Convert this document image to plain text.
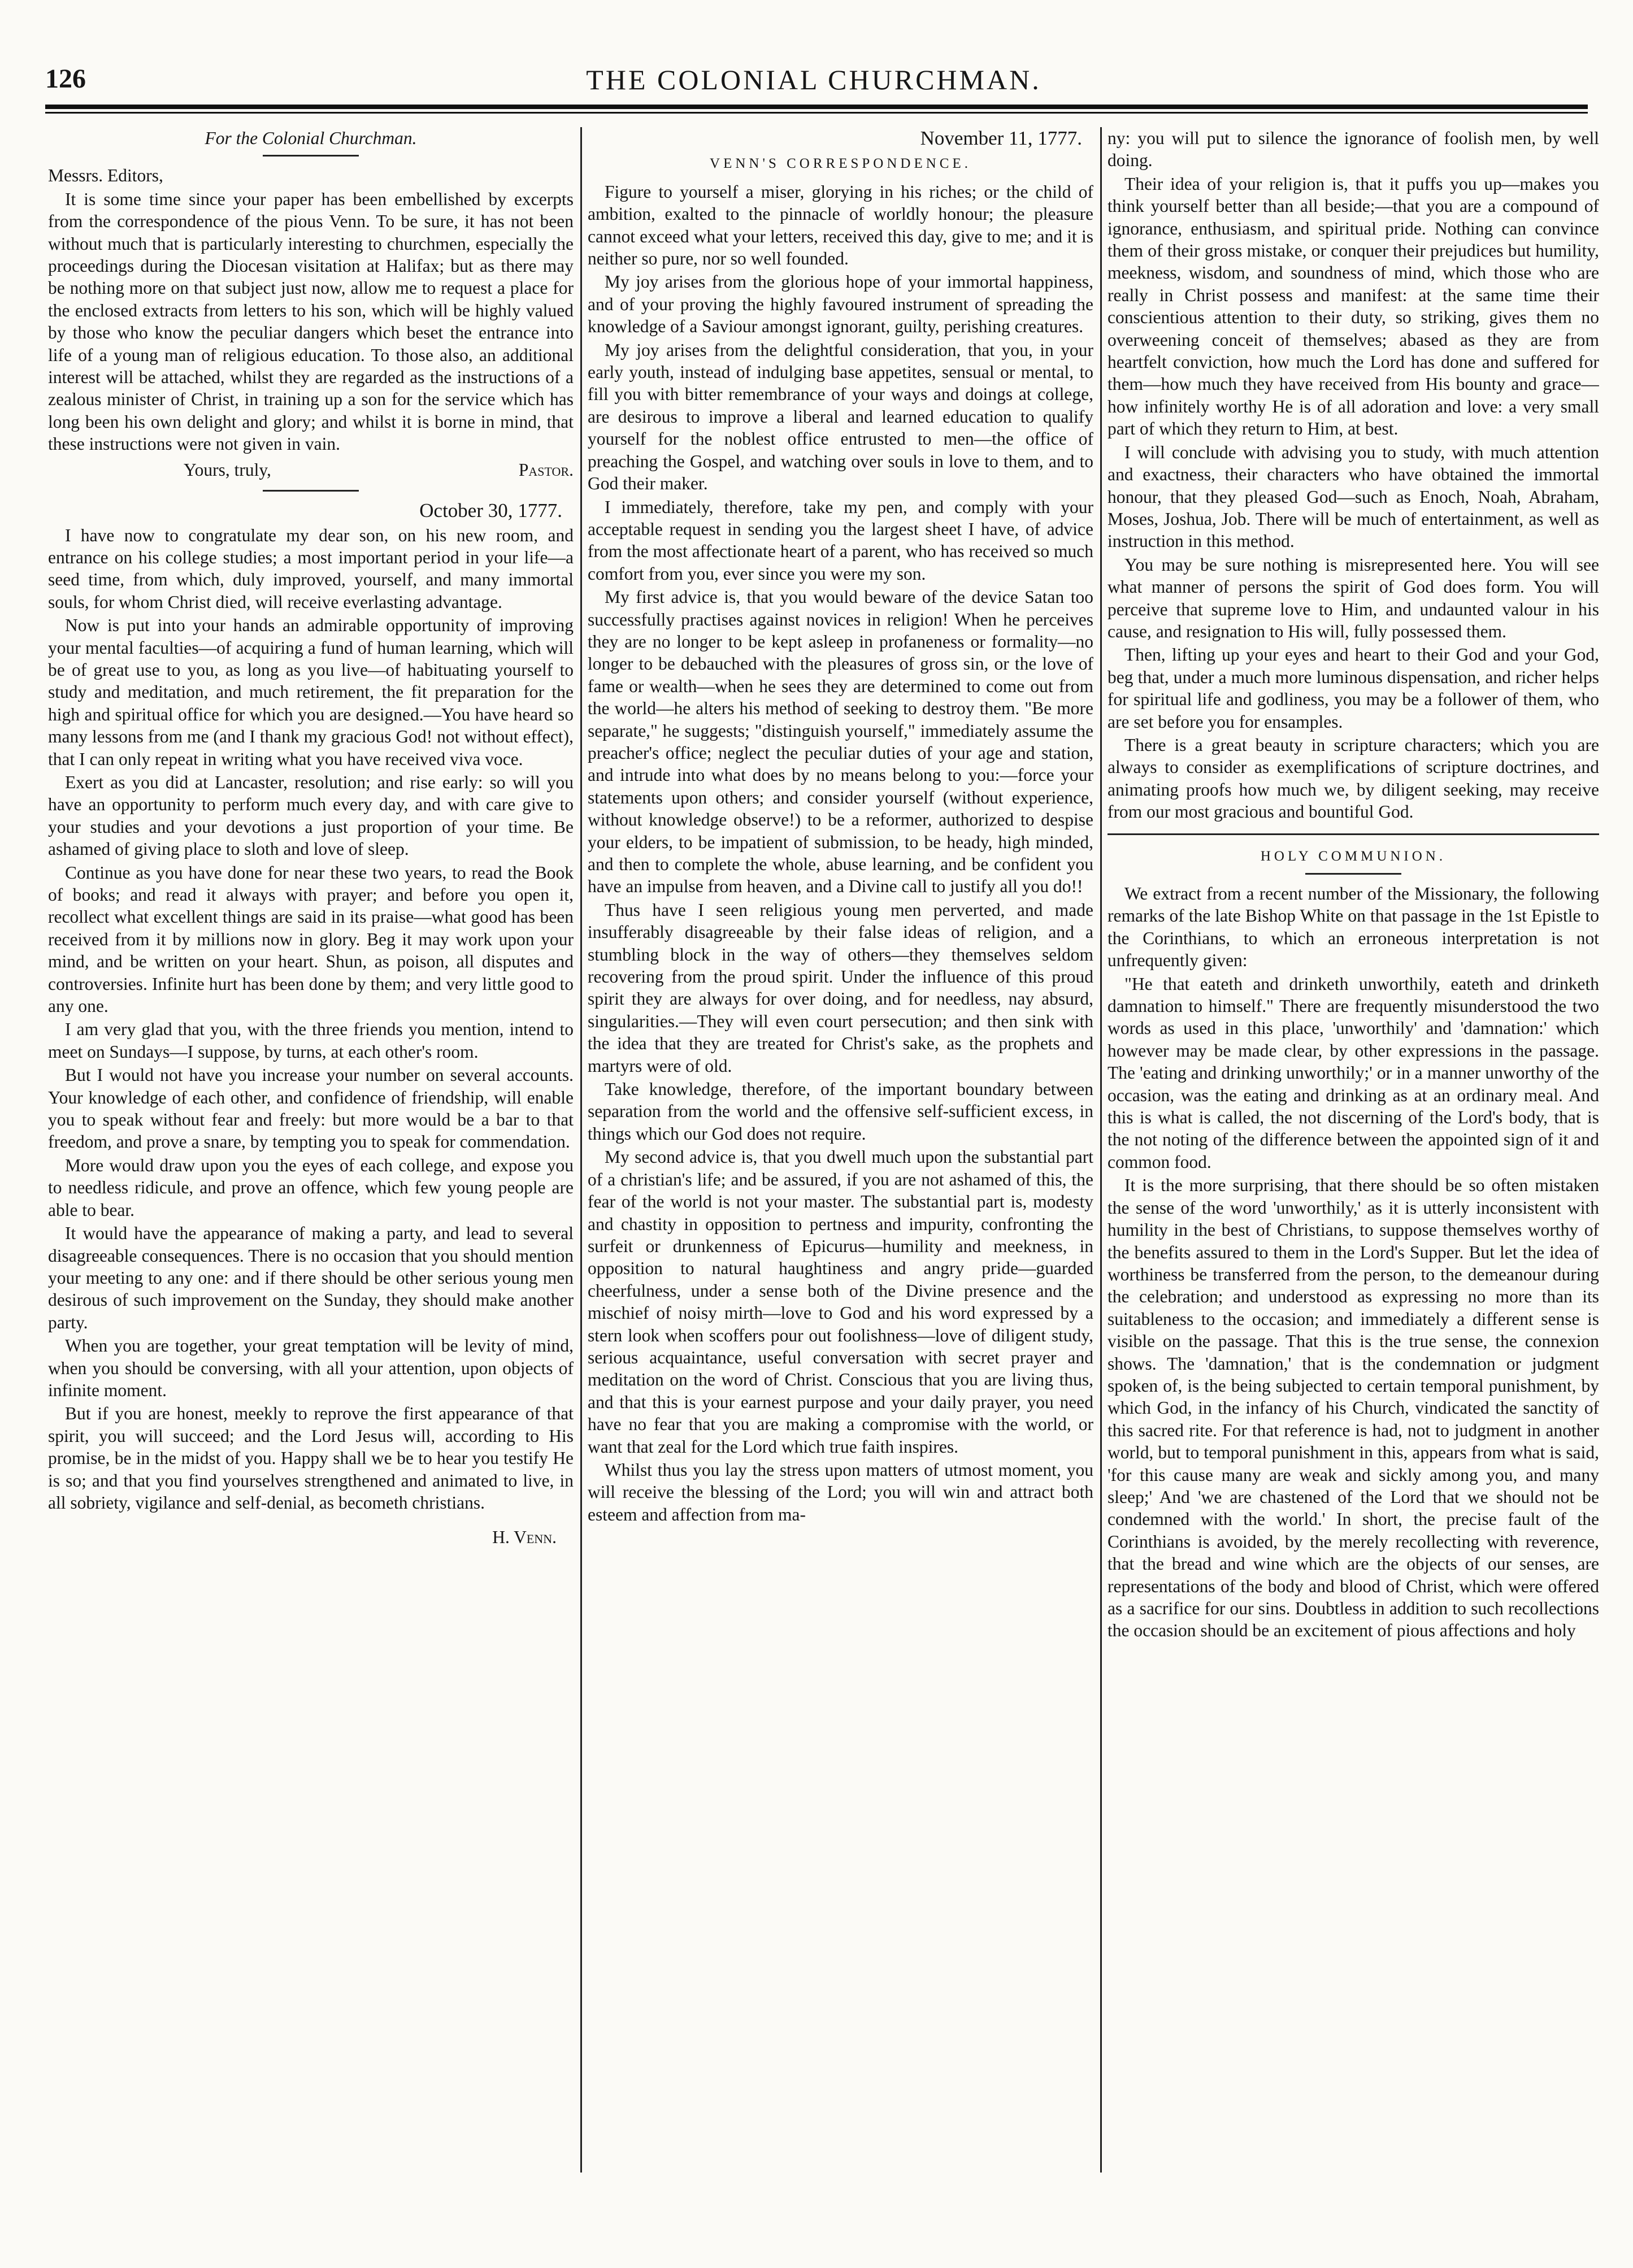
126	THE COLONIAL CHURCHMAN.
For the Colonial Churchman.

Messrs. Editors,

It is some time since your paper has been embellished by excerpts from the correspondence of the pious Venn. To be sure, it has not been without much that is particularly interesting to churchmen, especially the proceedings during the Diocesan visitation at Halifax; but as there may be nothing more on that subject just now, allow me to request a place for the enclosed extracts from letters to his son, which will be highly valued by those who know the peculiar dangers which beset the entrance into life of a young man of religious education. To those also, an additional interest will be attached, whilst they are regarded as the instructions of a zealous minister of Christ, in training up a son for the service which has long been his own delight and glory; and whilst it is borne in mind, that these instructions were not given in vain.

Yours, truly,	Pastor.
October 30, 1777.

I have now to congratulate my dear son, on his new room, and entrance on his college studies; a most important period in your life—a seed time, from which, duly improved, yourself, and many immortal souls, for whom Christ died, will receive everlasting advantage.

Now is put into your hands an admirable opportunity of improving your mental faculties—of acquiring a fund of human learning, which will be of great use to you, as long as you live—of habituating yourself to study and meditation, and much retirement, the fit preparation for the high and spiritual office for which you are designed.—You have heard so many lessons from me (and I thank my gracious God! not without effect), that I can only repeat in writing what you have received viva voce.

Exert as you did at Lancaster, resolution; and rise early: so will you have an opportunity to perform much every day, and with care give to your studies and your devotions a just proportion of your time. Be ashamed of giving place to sloth and love of sleep.

Continue as you have done for near these two years, to read the Book of books; and read it always with prayer; and before you open it, recollect what excellent things are said in its praise—what good has been received from it by millions now in glory. Beg it may work upon your mind, and be written on your heart. Shun, as poison, all disputes and controversies. Infinite hurt has been done by them; and very little good to any one.

I am very glad that you, with the three friends you mention, intend to meet on Sundays—I suppose, by turns, at each other's room.

But I would not have you increase your number on several accounts. Your knowledge of each other, and confidence of friendship, will enable you to speak without fear and freely: but more would be a bar to that freedom, and prove a snare, by tempting you to speak for commendation.

More would draw upon you the eyes of each college, and expose you to needless ridicule, and prove an offence, which few young people are able to bear.

It would have the appearance of making a party, and lead to several disagreeable consequences. There is no occasion that you should mention your meeting to any one: and if there should be other serious young men desirous of such improvement on the Sunday, they should make another party.

When you are together, your great temptation will be levity of mind, when you should be conversing, with all your attention, upon objects of infinite moment.

But if you are honest, meekly to reprove the first appearance of that spirit, you will succeed; and the Lord Jesus will, according to His promise, be in the midst of you. Happy shall we be to hear you testify He is so; and that you find yourselves strengthened and animated to live, in all sobriety, vigilance and self-denial, as becometh christians.

H. Venn.
November 11, 1777.
VENN'S CORRESPONDENCE.

Figure to yourself a miser, glorying in his riches; or the child of ambition, exalted to the pinnacle of worldly honour; the pleasure cannot exceed what your letters, received this day, give to me; and it is neither so pure, nor so well founded.

My joy arises from the glorious hope of your immortal happiness, and of your proving the highly favoured instrument of spreading the knowledge of a Saviour amongst ignorant, guilty, perishing creatures.

My joy arises from the delightful consideration, that you, in your early youth, instead of indulging base appetites, sensual or mental, to fill you with bitter remembrance of your ways and doings at college, are desirous to improve a liberal and learned education to qualify yourself for the noblest office entrusted to men—the office of preaching the Gospel, and watching over souls in love to them, and to God their maker.

I immediately, therefore, take my pen, and comply with your acceptable request in sending you the largest sheet I have, of advice from the most affectionate heart of a parent, who has received so much comfort from you, ever since you were my son.

My first advice is, that you would beware of the device Satan too successfully practises against novices in religion! When he perceives they are no longer to be kept asleep in profaneness or formality—no longer to be debauched with the pleasures of gross sin, or the love of fame or wealth—when he sees they are determined to come out from the world—he alters his method of seeking to destroy them. "Be more separate," he suggests; "distinguish yourself," immediately assume the preacher's office; neglect the peculiar duties of your age and station, and intrude into what does by no means belong to you:—force your statements upon others; and consider yourself (without experience, without knowledge observe!) to be a reformer, authorized to despise your elders, to be impatient of submission, to be heady, high minded, and then to complete the whole, abuse learning, and be confident you have an impulse from heaven, and a Divine call to justify all you do!!

Thus have I seen religious young men perverted, and made insufferably disagreeable by their false ideas of religion, and a stumbling block in the way of others—they themselves seldom recovering from the proud spirit. Under the influence of this proud spirit they are always for over doing, and for needless, nay absurd, singularities.—They will even court persecution; and then sink with the idea that they are treated for Christ's sake, as the prophets and martyrs were of old.

Take knowledge, therefore, of the important boundary between separation from the world and the offensive self-sufficient excess, in things which our God does not require.

My second advice is, that you dwell much upon the substantial part of a christian's life; and be assured, if you are not ashamed of this, the fear of the world is not your master. The substantial part is, modesty and chastity in opposition to pertness and impurity, confronting the surfeit or drunkenness of Epicurus—humility and meekness, in opposition to natural haughtiness and angry pride—guarded cheerfulness, under a sense both of the Divine presence and the mischief of noisy mirth—love to God and his word expressed by a stern look when scoffers pour out foolishness—love of diligent study, serious acquaintance, useful conversation with secret prayer and meditation on the word of Christ. Conscious that you are living thus, and that this is your earnest purpose and your daily prayer, you need have no fear that you are making a compromise with the world, or want that zeal for the Lord which true faith inspires.

Whilst thus you lay the stress upon matters of utmost moment, you will receive the blessing of the Lord; you will win and attract both esteem and affection from ma-

ny: you will put to silence the ignorance of foolish men, by well doing.

Their idea of your religion is, that it puffs you up—makes you think yourself better than all beside;—that you are a compound of ignorance, enthusiasm, and spiritual pride. Nothing can convince them of their gross mistake, or conquer their prejudices but humility, meekness, wisdom, and soundness of mind, which those who are really in Christ possess and manifest: at the same time their conscientious attention to their duty, so striking, gives them no overweening conceit of themselves; abased as they are from heartfelt conviction, how much the Lord has done and suffered for them—how much they have received from His bounty and grace—how infinitely worthy He is of all adoration and love: a very small part of which they return to Him, at best.

I will conclude with advising you to study, with much attention and exactness, their characters who have obtained the immortal honour, that they pleased God—such as Enoch, Noah, Abraham, Moses, Joshua, Job. There will be much of entertainment, as well as instruction in this method.

You may be sure nothing is misrepresented here. You will see what manner of persons the spirit of God does form. You will perceive that supreme love to Him, and undaunted valour in his cause, and resignation to His will, fully possessed them.

Then, lifting up your eyes and heart to their God and your God, beg that, under a much more luminous dispensation, and richer helps for spiritual life and godliness, you may be a follower of them, who are set before you for ensamples.

There is a great beauty in scripture characters; which you are always to consider as exemplifications of scripture doctrines, and animating proofs how much we, by diligent seeking, may receive from our most gracious and bountiful God.

HOLY COMMUNION.

We extract from a recent number of the Missionary, the following remarks of the late Bishop White on that passage in the 1st Epistle to the Corinthians, to which an erroneous interpretation is not unfrequently given:

"He that eateth and drinketh unworthily, eateth and drinketh damnation to himself." There are frequently misunderstood the two words as used in this place, 'unworthily' and 'damnation:' which however may be made clear, by other expressions in the passage. The 'eating and drinking unworthily;' or in a manner unworthy of the occasion, was the eating and drinking as at an ordinary meal. And this is what is called, the not discerning of the Lord's body, that is the not noting of the difference between the appointed sign of it and common food.

It is the more surprising, that there should be so often mistaken the sense of the word 'unworthily,' as it is utterly inconsistent with humility in the best of Christians, to suppose themselves worthy of the benefits assured to them in the Lord's Supper. But let the idea of worthiness be transferred from the person, to the demeanour during the celebration; and understood as expressing no more than its suitableness to the occasion; and immediately a different sense is visible on the passage. That this is the true sense, the connexion shows. The 'damnation,' that is the condemnation or judgment spoken of, is the being subjected to certain temporal punishment, by which God, in the infancy of his Church, vindicated the sanctity of this sacred rite. For that reference is had, not to judgment in another world, but to temporal punishment in this, appears from what is said, 'for this cause many are weak and sickly among you, and many sleep;' And 'we are chastened of the Lord that we should not be condemned with the world.' In short, the precise fault of the Corinthians is avoided, by the merely recollecting with reverence, that the bread and wine which are the objects of our senses, are representations of the body and blood of Christ, which were offered as a sacrifice for our sins. Doubtless in addition to such recollections the occasion should be an excitement of pious affections and holy
